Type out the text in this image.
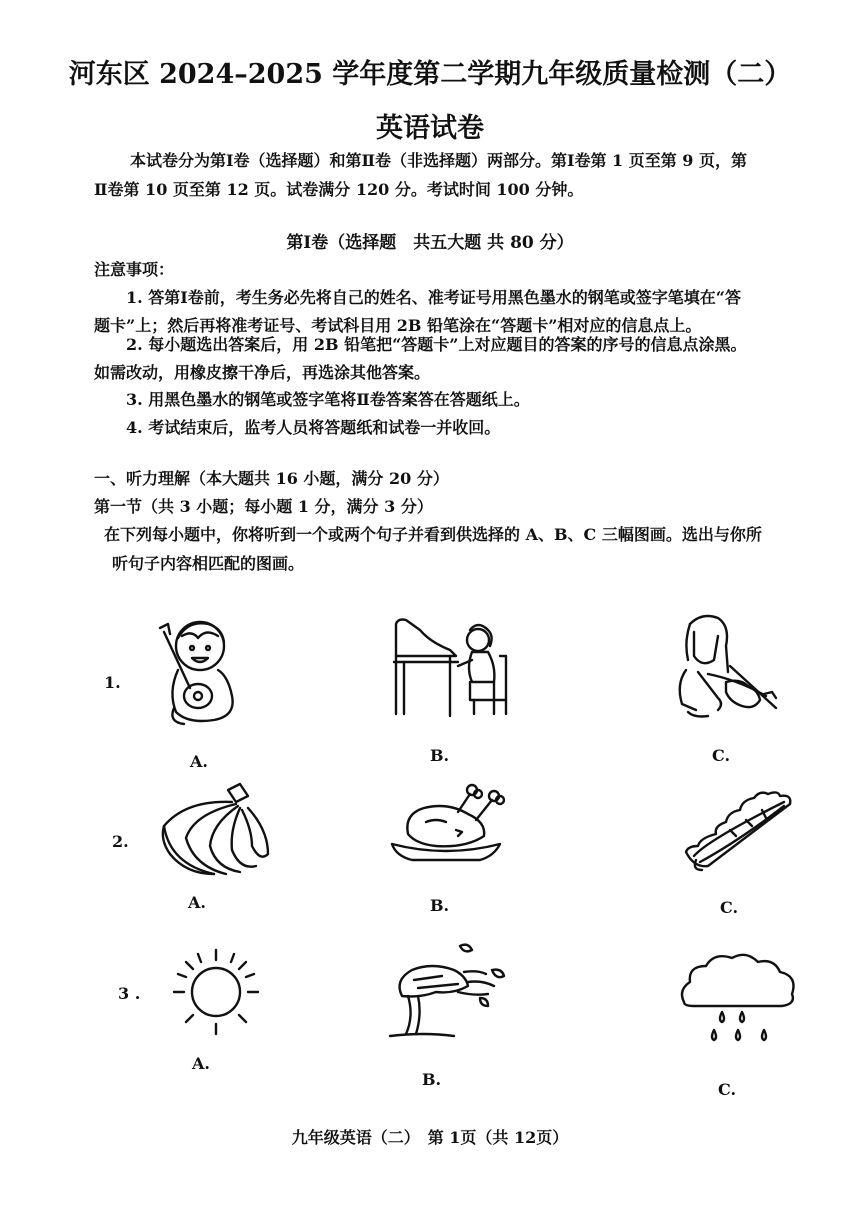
河东区 2024–2025 学年度第二学期九年级质量检测（二）
英语试卷
本试卷分为第Ⅰ卷（选择题）和第Ⅱ卷（非选择题）两部分。第Ⅰ卷第 1 页至第 9 页，第
Ⅱ卷第 10 页至第 12 页。试卷满分 120 分。考试时间 100 分钟。
第Ⅰ卷（选择题　共五大题 共 80 分）
注意事项：
1. 答第Ⅰ卷前，考生务必先将自己的姓名、准考证号用黑色墨水的钢笔或签字笔填在“答
题卡”上；然后再将准考证号、考试科目用 2B 铅笔涂在“答题卡”相对应的信息点上。
2. 每小题选出答案后，用 2B 铅笔把“答题卡”上对应题目的答案的序号的信息点涂黑。
如需改动，用橡皮擦干净后，再选涂其他答案。
3. 用黑色墨水的钢笔或签字笔将Ⅱ卷答案答在答题纸上。
4. 考试结束后，监考人员将答题纸和试卷一并收回。
一、听力理解（本大题共 16 小题，满分 20 分）
第一节（共 3 小题；每小题 1 分，满分 3 分）
在下列每小题中，你将听到一个或两个句子并看到供选择的 A、B、C 三幅图画。选出与你所
听句子内容相匹配的图画。
1.
A.	B.	C.
2.
A.	B.	C.
3 .
A.
B.
C.
九年级英语（二）　第 1页（共 12页）
